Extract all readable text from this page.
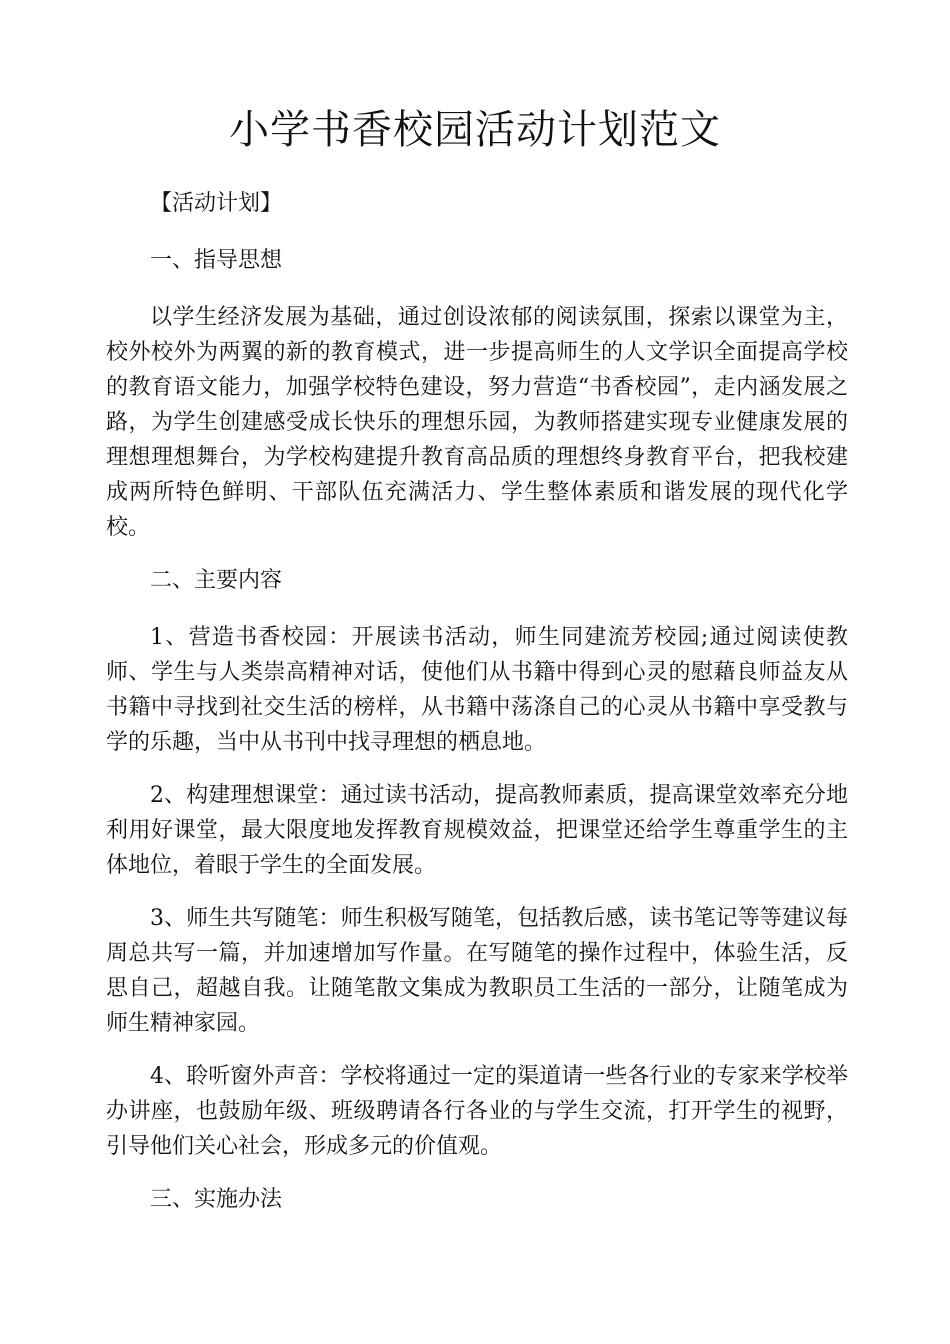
小学书香校园活动计划范文

【活动计划】

一、指导思想

以学生经济发展为基础，通过创设浓郁的阅读氛围，探索以课堂为主，校外校外为两翼的新的教育模式，进一步提高师生的人文学识全面提高学校的教育语文能力，加强学校特色建设，努力营造“书香校园”，走内涵发展之路，为学生创建感受成长快乐的理想乐园，为教师搭建实现专业健康发展的理想理想舞台，为学校构建提升教育高品质的理想终身教育平台，把我校建成两所特色鲜明、干部队伍充满活力、学生整体素质和谐发展的现代化学校。

二、主要内容

1、营造书香校园：开展读书活动，师生同建流芳校园;通过阅读使教师、学生与人类崇高精神对话，使他们从书籍中得到心灵的慰藉良师益友从书籍中寻找到社交生活的榜样，从书籍中荡涤自己的心灵从书籍中享受教与学的乐趣，当中从书刊中找寻理想的栖息地。

2、构建理想课堂：通过读书活动，提高教师素质，提高课堂效率充分地利用好课堂，最大限度地发挥教育规模效益，把课堂还给学生尊重学生的主体地位，着眼于学生的全面发展。

3、师生共写随笔：师生积极写随笔，包括教后感，读书笔记等等建议每周总共写一篇，并加速增加写作量。在写随笔的操作过程中，体验生活，反思自己，超越自我。让随笔散文集成为教职员工生活的一部分，让随笔成为师生精神家园。

4、聆听窗外声音：学校将通过一定的渠道请一些各行业的专家来学校举办讲座，也鼓励年级、班级聘请各行各业的与学生交流，打开学生的视野，引导他们关心社会，形成多元的价值观。

三、实施办法
